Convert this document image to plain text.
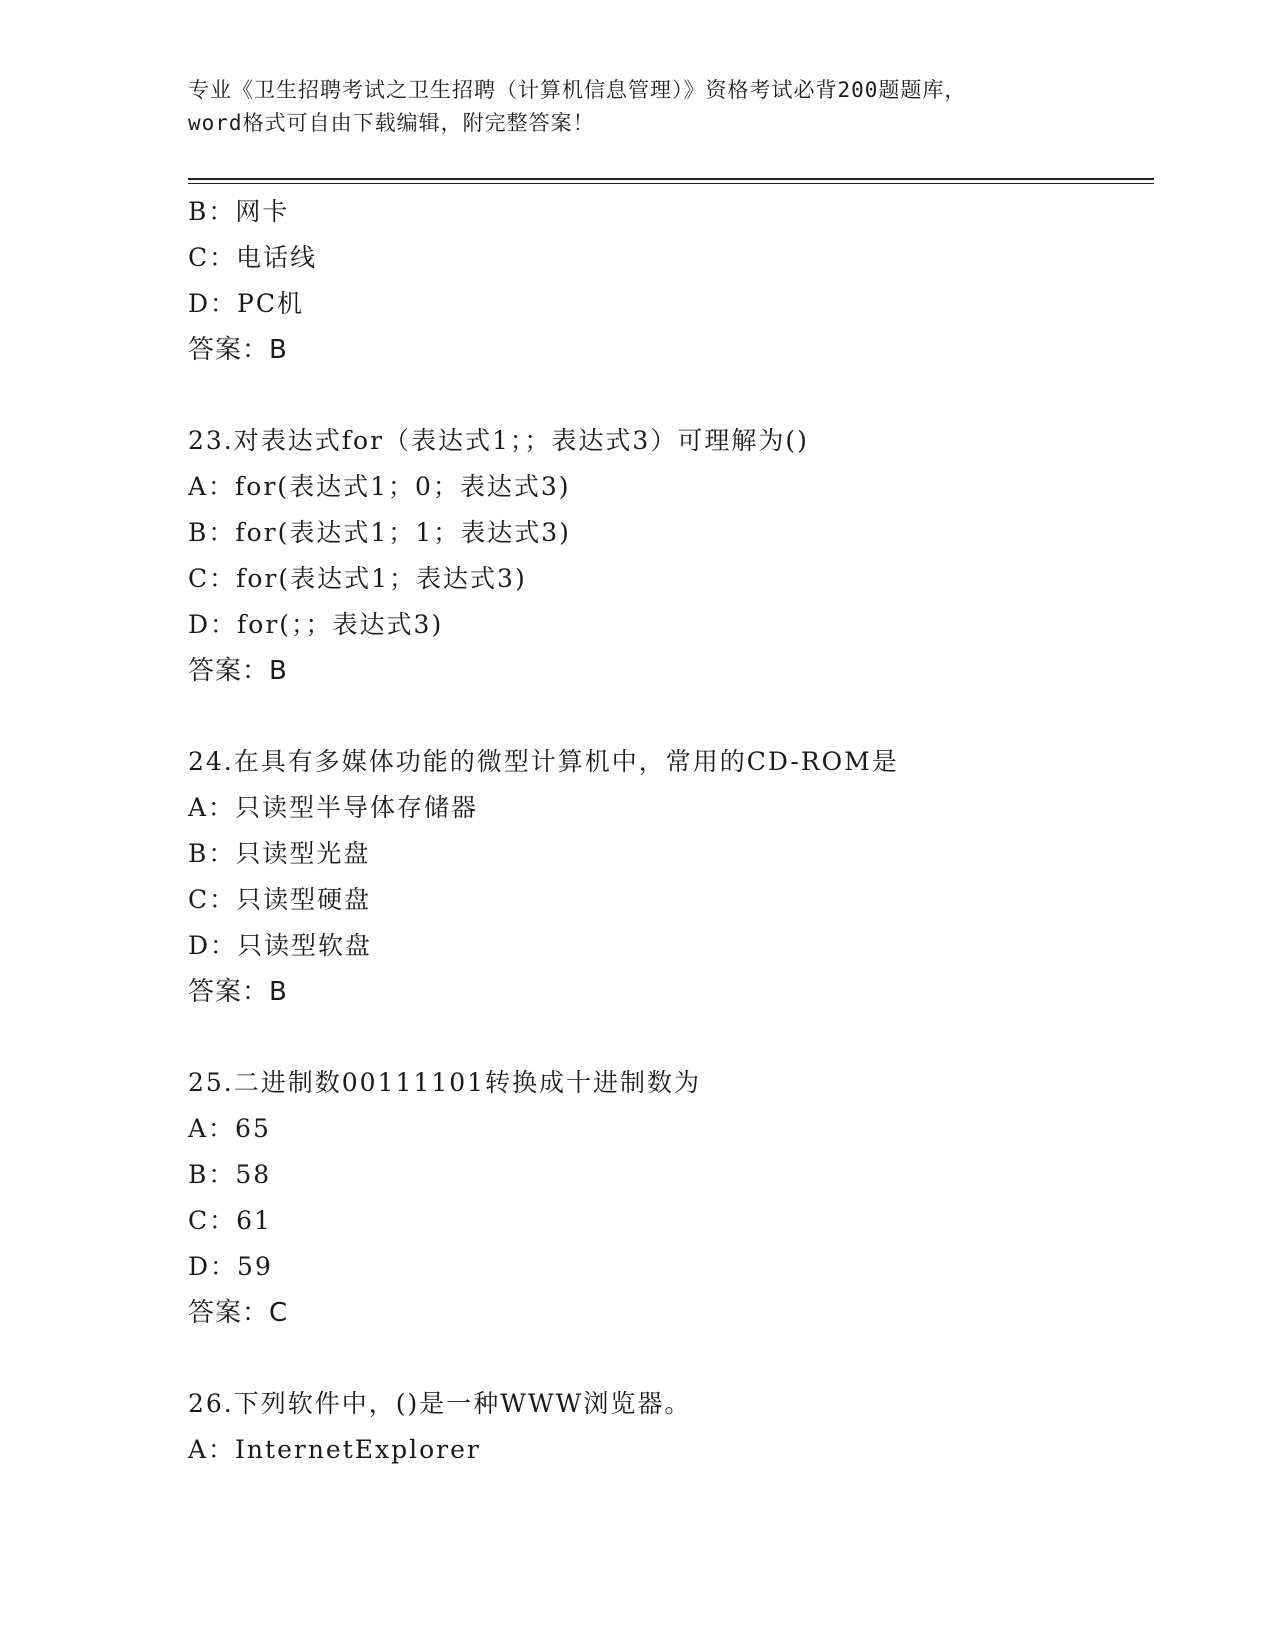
专业《卫生招聘考试之卫生招聘（计算机信息管理）》资格考试必背200题题库，
word格式可自由下载编辑，附完整答案！
B：网卡
C：电话线
D：PC机
答案：B
23.对表达式for（表达式1；；表达式3）可理解为()
A：for(表达式1；0；表达式3)
B：for(表达式1；1；表达式3)
C：for(表达式1；表达式3)
D：for(；；表达式3)
答案：B
24.在具有多媒体功能的微型计算机中，常用的CD-ROM是
A：只读型半导体存储器
B：只读型光盘
C：只读型硬盘
D：只读型软盘
答案：B
25.二进制数00111101转换成十进制数为
A：65
B：58
C：61
D：59
答案：C
26.下列软件中，()是一种WWW浏览器。
A：InternetExplorer
